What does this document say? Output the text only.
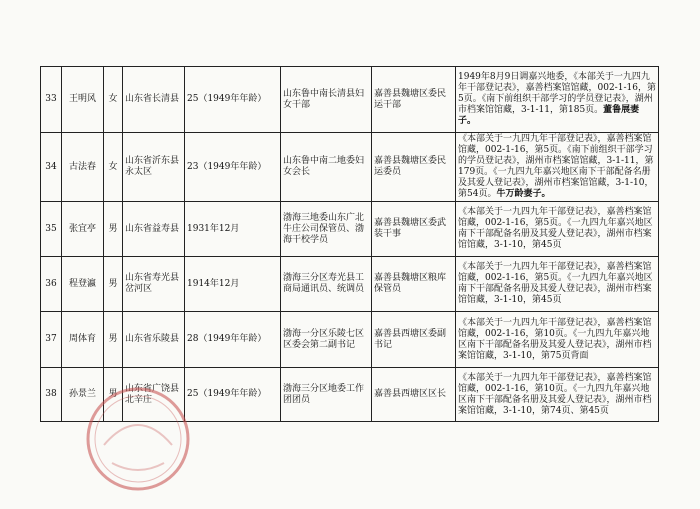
33	王明风	女	山东省长清县	25（1949年年龄）	山东鲁中南长清县妇女干部	嘉善县魏塘区委民运干部	1949年8月9日调嘉兴地委，《本部关于一九四九年干部登记表》，嘉善档案馆馆藏，002-1-16，第5页。《南下前组织干部学习的学员登记表》，湖州市档案馆馆藏，3-1-11，第185页。董鲁展妻子。
34	古法春	女	山东省沂东县永太区	23（1949年年龄）	山东鲁中南二地委妇女会长	嘉善县魏塘区委民运委员	《本部关于一九四九年干部登记表》，嘉善档案馆馆藏，002-1-16，第5页。《南下前组织干部学习的学员登记表》，湖州市档案馆馆藏，3-1-11，第179页。《一九四九年嘉兴地区南下干部配备名册及其爱人登记表》，湖州市档案馆馆藏，3-1-10，第54页。牛万龄妻子。
35	张宜亭	男	山东省益寿县	1931年12月	渤海三地委山东广北牛庄公司保管员、渤海干校学员	嘉善县魏塘区委武装干事	《本部关于一九四九年干部登记表》，嘉善档案馆馆藏，002-1-16，第5页。《一九四九年嘉兴地区南下干部配备名册及其爱人登记表》，湖州市档案馆馆藏，3-1-10，第45页
36	程登瀛	男	山东省寿光县岔河区	1914年12月	渤海三分区寿光县工商局通讯员、统调员	嘉善县魏塘区粮库保管员	《本部关于一九四九年干部登记表》，嘉善档案馆馆藏，002-1-16，第5页。《一九四九年嘉兴地区南下干部配备名册及其爱人登记表》，湖州市档案馆馆藏，3-1-10，第45页
37	周体育	男	山东省乐陵县	28（1949年年龄）	渤海一分区乐陵七区区委会第二副书记	嘉善县西塘区委副书记	《本部关于一九四九年干部登记表》，嘉善档案馆馆藏，002-1-16，第10页。《一九四九年嘉兴地区南下干部配备名册及其爱人登记表》，湖州市档案馆馆藏，3-1-10，第75页背面
38	孙景兰	男	山东省广饶县北辛庄	25（1949年年龄）	渤海三分区地委工作团团员	嘉善县西塘区区长	《本部关于一九四九年干部登记表》，嘉善档案馆馆藏，002-1-16，第10页。《一九四九年嘉兴地区南下干部配备名册及其爱人登记表》，湖州市档案馆馆藏，3-1-10，第74页、第45页
